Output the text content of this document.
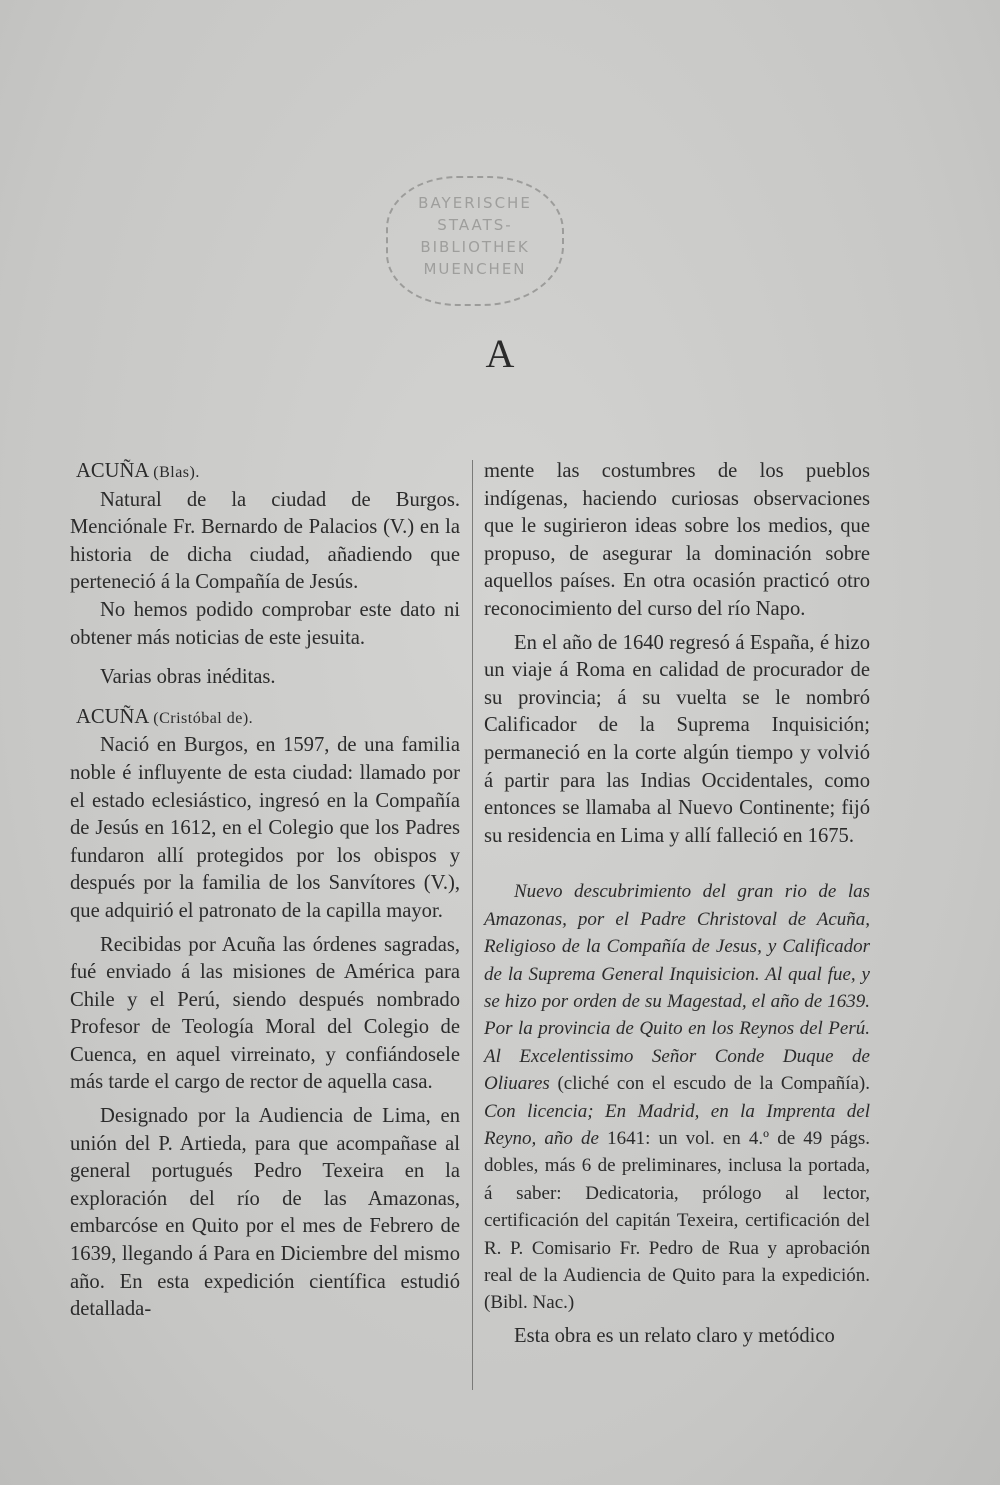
BAYERISCHE
STAATS-
BIBLIOTHEK
MUENCHEN
A

ACUÑA (Blas).

Natural de la ciudad de Burgos. Menciónale Fr. Bernardo de Palacios (V.) en la historia de dicha ciudad, añadiendo que perteneció á la Compañía de Jesús.

No hemos podido comprobar este dato ni obtener más noticias de este jesuita.

Varias obras inéditas.

ACUÑA (Cristóbal de).

Nació en Burgos, en 1597, de una familia noble é influyente de esta ciudad: llamado por el estado eclesiástico, ingresó en la Compañía de Jesús en 1612, en el Colegio que los Padres fundaron allí protegidos por los obispos y después por la familia de los Sanvítores (V.), que adquirió el patronato de la capilla mayor.

Recibidas por Acuña las órdenes sagradas, fué enviado á las misiones de América para Chile y el Perú, siendo después nombrado Profesor de Teología Moral del Colegio de Cuenca, en aquel virreinato, y confiándosele más tarde el cargo de rector de aquella casa.

Designado por la Audiencia de Lima, en unión del P. Artieda, para que acompañase al general portugués Pedro Texeira en la exploración del río de las Amazonas, embarcóse en Quito por el mes de Febrero de 1639, llegando á Para en Diciembre del mismo año. En esta expedición científica estudió detallada-

mente las costumbres de los pueblos indígenas, haciendo curiosas observaciones que le sugirieron ideas sobre los medios, que propuso, de asegurar la dominación sobre aquellos países. En otra ocasión practicó otro reconocimiento del curso del río Napo.

En el año de 1640 regresó á España, é hizo un viaje á Roma en calidad de procurador de su provincia; á su vuelta se le nombró Calificador de la Suprema Inquisición; permaneció en la corte algún tiempo y volvió á partir para las Indias Occidentales, como entonces se llamaba al Nuevo Continente; fijó su residencia en Lima y allí falleció en 1675.

Nuevo descubrimiento del gran rio de las Amazonas, por el Padre Christoval de Acuña, Religioso de la Compañía de Jesus, y Calificador de la Suprema General Inquisicion. Al qual fue, y se hizo por orden de su Magestad, el año de 1639. Por la provincia de Quito en los Reynos del Perú. Al Excelentissimo Señor Conde Duque de Oliuares (cliché con el escudo de la Compañía). Con licencia; En Madrid, en la Imprenta del Reyno, año de 1641: un vol. en 4.º de 49 págs. dobles, más 6 de preliminares, inclusa la portada, á saber: Dedicatoria, prólogo al lector, certificación del capitán Texeira, certificación del R. P. Comisario Fr. Pedro de Rua y aprobación real de la Audiencia de Quito para la expedición. (Bibl. Nac.)

Esta obra es un relato claro y metódico
